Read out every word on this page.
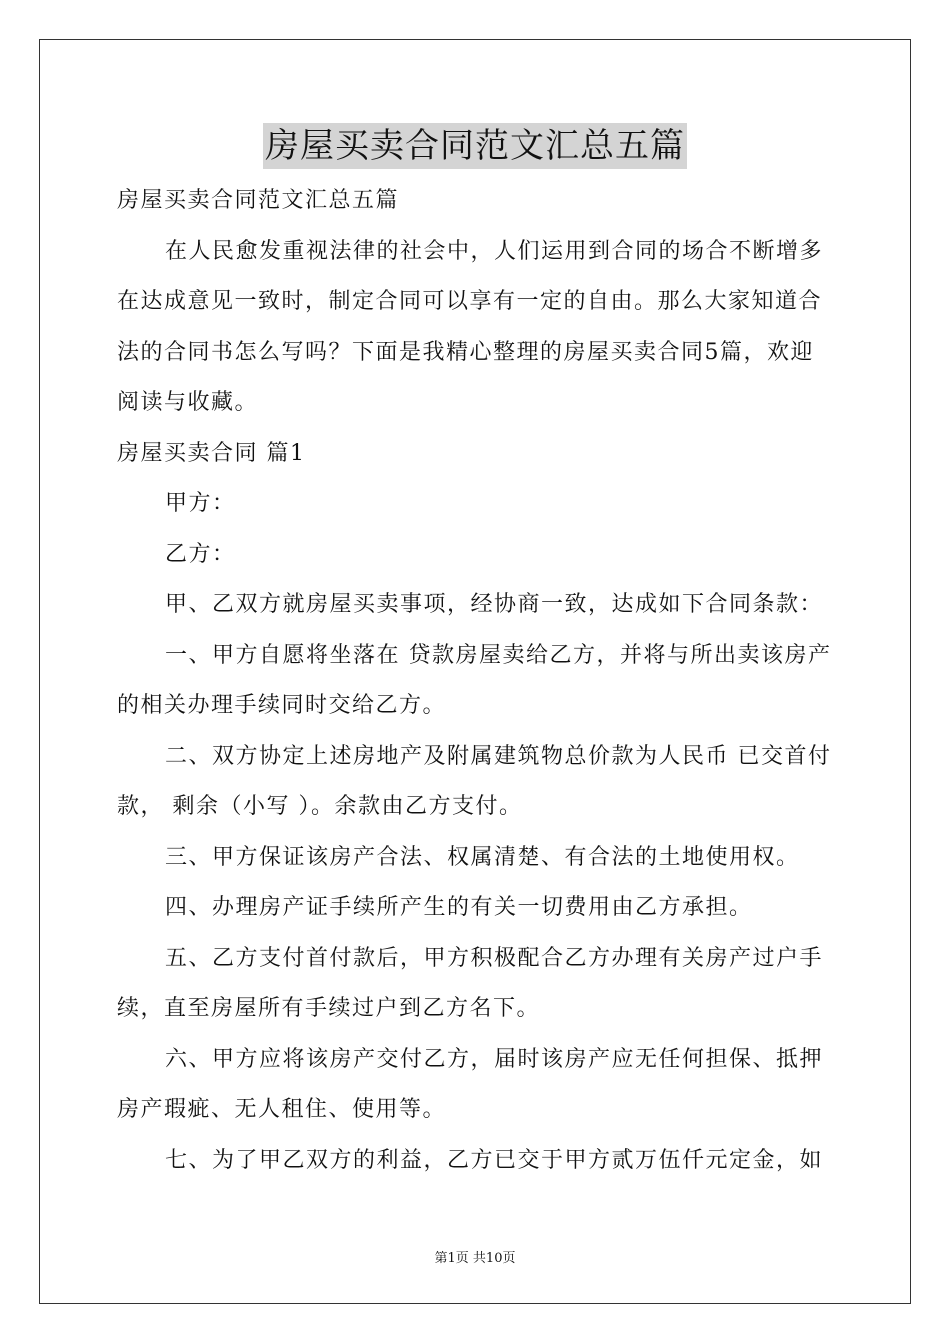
房屋买卖合同范文汇总五篇

房屋买卖合同范文汇总五篇

在人民愈发重视法律的社会中，人们运用到合同的场合不断增多在达成意见一致时，制定合同可以享有一定的自由。那么大家知道合法的合同书怎么写吗？下面是我精心整理的房屋买卖合同5篇，欢迎阅读与收藏。

房屋买卖合同 篇1

甲方：

乙方：

甲、乙双方就房屋买卖事项，经协商一致，达成如下合同条款：

一、甲方自愿将坐落在 贷款房屋卖给乙方，并将与所出卖该房产的相关办理手续同时交给乙方。

二、双方协定上述房地产及附属建筑物总价款为人民币 已交首付款， 剩余（小写 ）。余款由乙方支付。

三、甲方保证该房产合法、权属清楚、有合法的土地使用权。

四、办理房产证手续所产生的有关一切费用由乙方承担。

五、乙方支付首付款后，甲方积极配合乙方办理有关房产过户手续，直至房屋所有手续过户到乙方名下。

六、甲方应将该房产交付乙方，届时该房产应无任何担保、抵押房产瑕疵、无人租住、使用等。

七、为了甲乙双方的利益，乙方已交于甲方贰万伍仟元定金，如

第1页 共10页
